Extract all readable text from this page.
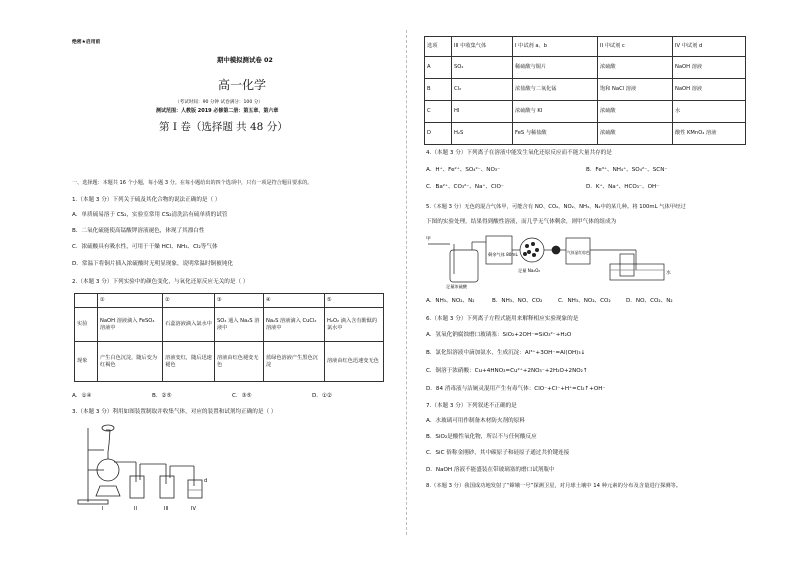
绝密★启用前
期中模拟测试卷 02
高一化学
（考试时间：90 分钟 试卷满分：100 分）
测试范围：人教版 2019 必修第二册：第五章、第六章
第 I 卷（选择题 共 48 分）
一、选择题：本题共 16 个小题，每小题 3 分。在每小题给出的四个选项中，只有一项是符合题目要求的。
1.（本题 3 分）下列关于硫及其化合物的说法正确的是（ ）
A．单质硫易溶于 CS₂，实验室常用 CS₂清洗沾有硫单质的试管
B．二氧化硫能使高锰酸钾溶液褪色，体现了其漂白性
C．浓硫酸具有吸水性，可用于干燥 HCl、NH₃、Cl₂等气体
D．常温下将铜片插入浓硫酸时无明显现象，说明常温时铜被钝化
2.（本题 3 分）下列实验中的颜色变化，与氧化还原反应无关的是（ ）
	①	②	③	④	⑤
实验	NaOH 溶液滴入 FeSO₄ 溶液中	石蕊溶液滴入氯水中	SO₂ 通入 Na₂S 溶液中	Na₂S 溶液滴入 CuCl₂ 溶液中	H₂O₂ 滴入含有酚酞的氯水中
现象	产生白色沉淀，随后变为红褐色	溶液变红，随后迅速褪色	溶液由红色褪变无色	蓝绿色溶液产生黑色沉淀	溶液由红色迅速变无色
A．①④	B．②⑤	C．③⑤	D．①②
3.（本题 3 分）利用如图装置制取并收集气体，对应的装置和试剂均正确的是（ ）
I	II	III	IV
d
选项	III 中收集气体	I 中试剂 a、b	II 中试剂 c	IV 中试剂 d
A	SO₂	稀硫酸与铜片	浓硫酸	NaOH 溶液
B	Cl₂	浓盐酸与二氧化锰	饱和 NaCl 溶液	NaOH 溶液
C	HI	浓硫酸与 KI	浓硫酸	水
D	H₂S	FeS 与稀盐酸	浓硫酸	酸性 KMnO₄ 溶液
4.（本题 3 分）下列离子在溶液中能发生氧化还原反应而不能大量共存的是
A．H⁺、Fe²⁺、SO₄²⁻、NO₃⁻	B．Fe³⁺、NH₄⁺、SO₄²⁻、SCN⁻
C．Ba²⁺、CO₃²⁻、Na⁺、ClO⁻	D．K⁺、Na⁺、HCO₃⁻、OH⁻
5.（本题 3 分）无色的混合气体甲，可能含有 NO、CO₂、NO₂、NH₃、N₂中的某几种。将 100mL 气体甲经过
下图的实验处理，结果得到酸性溶液，而几乎无气体剩余，则甲气体的组成为
甲
剩余气体 80mL
足量 Na₂O₂
气体显红棕色
足量浓硫酸
水
A．NH₃、NO₂、N₂	B．NH₃、NO、CO₂	C．NH₃、NO₂、CO₂	D．NO、CO₂、N₂
6.（本题 3 分）下列离子方程式能用来解释相应实验现象的是
A．氢氧化钠腐蚀磨口玻璃塞：SiO₂+2OH⁻=SiO₃²⁻+H₂O
B．氯化铝溶液中滴加氨水，生成沉淀：Al³⁺+3OH⁻=Al(OH)₃↓
C．铜溶于浓硝酸：Cu+4HNO₃=Cu²⁺+2NO₃⁻+2H₂O+2NO₂↑
D．84 消毒液与洁厕灵混用产生有毒气体：ClO⁻+Cl⁻+H⁺=Cl₂↑+OH⁻
7.（本题 3 分）下列叙述不正确的是
A．水玻璃可用作制备木材防火剂的原料
B．SiO₂是酸性氧化物，所以不与任何酸反应
C．SiC 俗称金刚砂，其中碳原子和硅原子通过共价键连接
D．NaOH 溶液不能盛装在带玻璃塞的磨口试剂瓶中
8.（本题 3 分）我国成功地发射了“嫦娥一号”探测卫星，对月球土壤中 14 种元素的分布及含量进行探测等。
